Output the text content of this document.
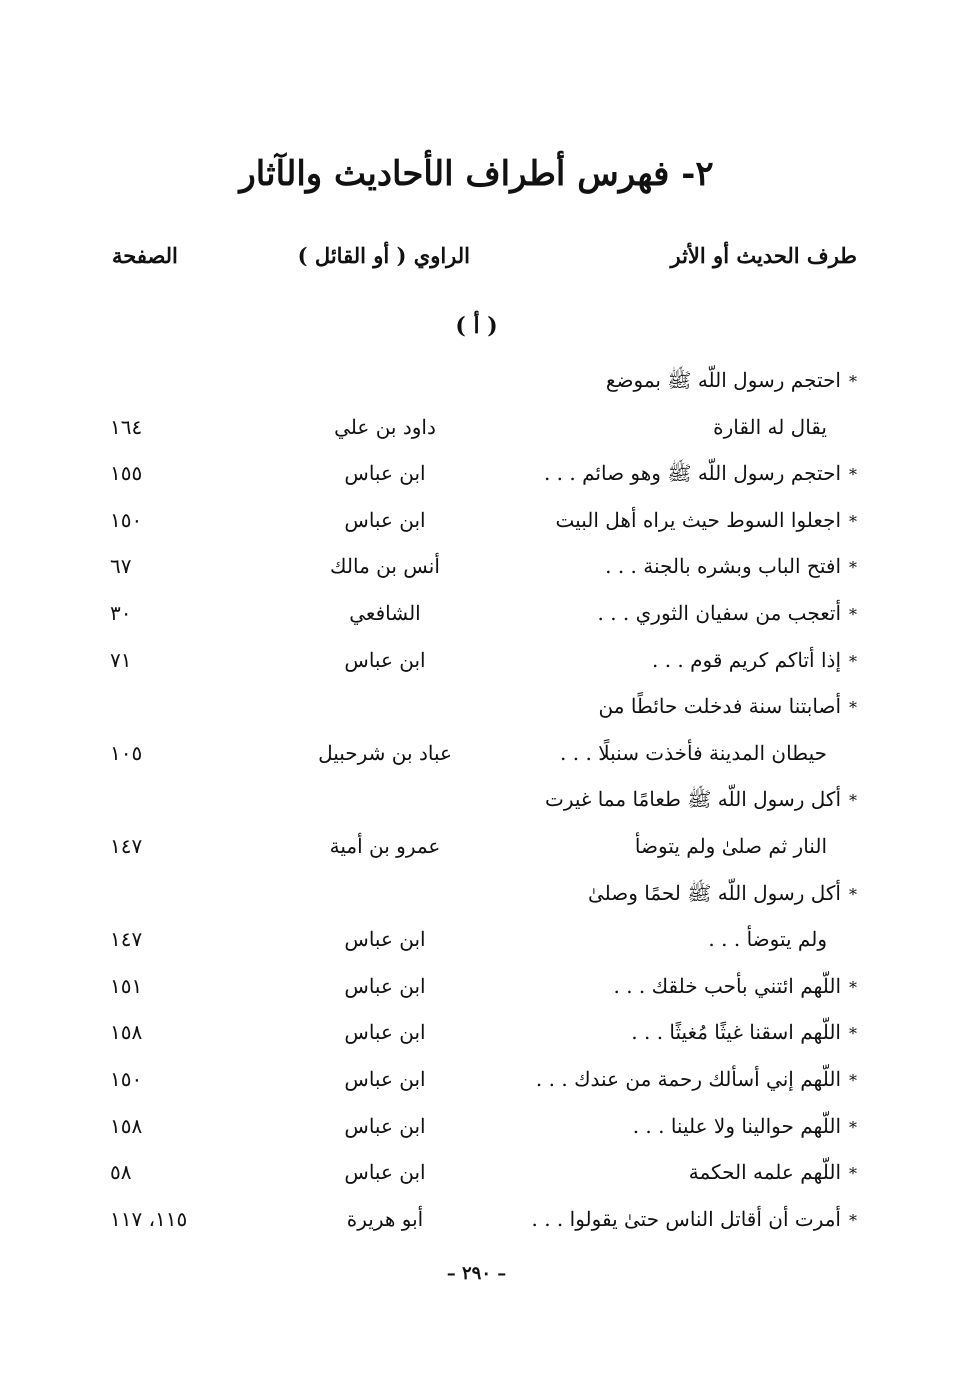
٢- فهرس أطراف الأحاديث والآثار
طرف الحديث أو الأثر
الراوي ( أو القائل )
الصفحة
( أ )
*احتجم رسول اللّه ﷺ بموضع
يقال له القارة
داود بن علي
١٦٤
*احتجم رسول اللّه ﷺ وهو صائم . . .
ابن عباس
١٥٥
*اجعلوا السوط حيث يراه أهل البيت
ابن عباس
١٥٠
*افتح الباب وبشره بالجنة . . .
أنس بن مالك
٦٧
*أتعجب من سفيان الثوري . . .
الشافعي
٣٠
*إذا أتاكم كريم قوم . . .
ابن عباس
٧١
*أصابتنا سنة فدخلت حائطًا من
حيطان المدينة فأخذت سنبلًا . . .
عباد بن شرحبيل
١٠٥
*أكل رسول اللّه ﷺ طعامًا مما غيرت
النار ثم صلىٰ ولم يتوضأ
عمرو بن أمية
١٤٧
*أكل رسول اللّه ﷺ لحمًا وصلىٰ
ولم يتوضأ . . .
ابن عباس
١٤٧
*اللّهم ائتني بأحب خلقك . . .
ابن عباس
١٥١
*اللّهم اسقنا غيثًا مُغيثًا . . .
ابن عباس
١٥٨
*اللّهم إني أسألك رحمة من عندك . . .
ابن عباس
١٥٠
*اللّهم حوالينا ولا علينا . . .
ابن عباس
١٥٨
*اللّهم علمه الحكمة
ابن عباس
٥٨
*أمرت أن أقاتل الناس حتىٰ يقولوا . . .
أبو هريرة
١١٥، ١١٧
– ٢٩٠ –
